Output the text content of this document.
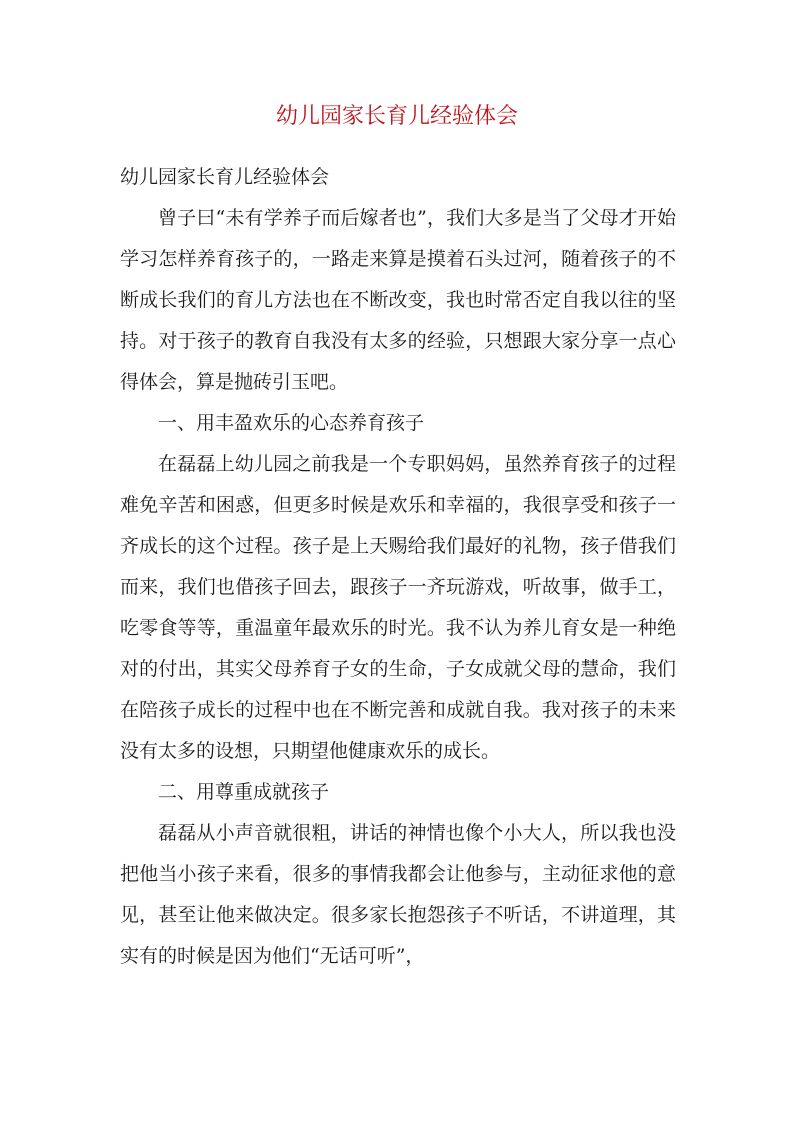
幼儿园家长育儿经验体会

幼儿园家长育儿经验体会

曾子曰“未有学养子而后嫁者也”，我们大多是当了父母才开始学习怎样养育孩子的，一路走来算是摸着石头过河，随着孩子的不断成长我们的育儿方法也在不断改变，我也时常否定自我以往的坚持。对于孩子的教育自我没有太多的经验，只想跟大家分享一点心得体会，算是抛砖引玉吧。

一、用丰盈欢乐的心态养育孩子

在磊磊上幼儿园之前我是一个专职妈妈，虽然养育孩子的过程难免辛苦和困惑，但更多时候是欢乐和幸福的，我很享受和孩子一齐成长的这个过程。孩子是上天赐给我们最好的礼物，孩子借我们而来，我们也借孩子回去，跟孩子一齐玩游戏，听故事，做手工，吃零食等等，重温童年最欢乐的时光。我不认为养儿育女是一种绝对的付出，其实父母养育子女的生命，子女成就父母的慧命，我们在陪孩子成长的过程中也在不断完善和成就自我。我对孩子的未来没有太多的设想，只期望他健康欢乐的成长。

二、用尊重成就孩子

磊磊从小声音就很粗，讲话的神情也像个小大人，所以我也没把他当小孩子来看，很多的事情我都会让他参与，主动征求他的意见，甚至让他来做决定。很多家长抱怨孩子不听话，不讲道理，其实有的时候是因为他们“无话可听”，
